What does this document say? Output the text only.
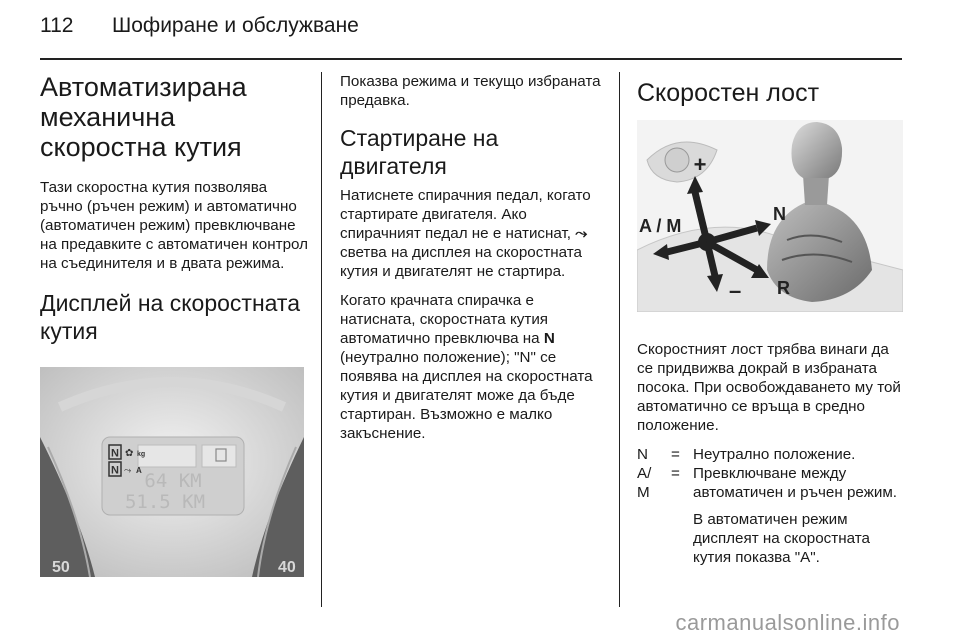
112 Шофиране и обслужване
Автоматизирана механична скоростна кутия

Тази скоростна кутия позволява ръчно (ръчен режим) и автоматично (автоматичен режим) превключване на предавките с автоматичен контрол на съединителя и в двата режима.

Дисплей на скоростната кутия
N
N
✿ kg
⤳ A 64 KM
51.5 KM
50	40

Показва режима и текущо избраната предавка.

Стартиране на двигателя

Натиснете спирачния педал, когато стартирате двигателя. Ако спирачният педал не е натиснат, ⤳ светва на дисплея на скоростната кутия и двигателят не стартира.

Когато крачната спирачка е натисната, скоростната кутия автоматично превключва на N (неутрално положение); "N" се появява на дисплея на скоростната кутия и двигателят може да бъде стартиран. Възможно е малко закъснение.

Скоростен лост
+
A / M
N
– R

Скоростният лост трябва винаги да се придвижва докрай в избраната посока. При освобождаването му той автоматично се връща в средно положение.

N	= Неутрално положение.
A/
M
= Превключване между автоматичен и ръчен режим.
В автоматичен режим дисплеят на скоростната кутия показва "A".
carmanualsonline.info
